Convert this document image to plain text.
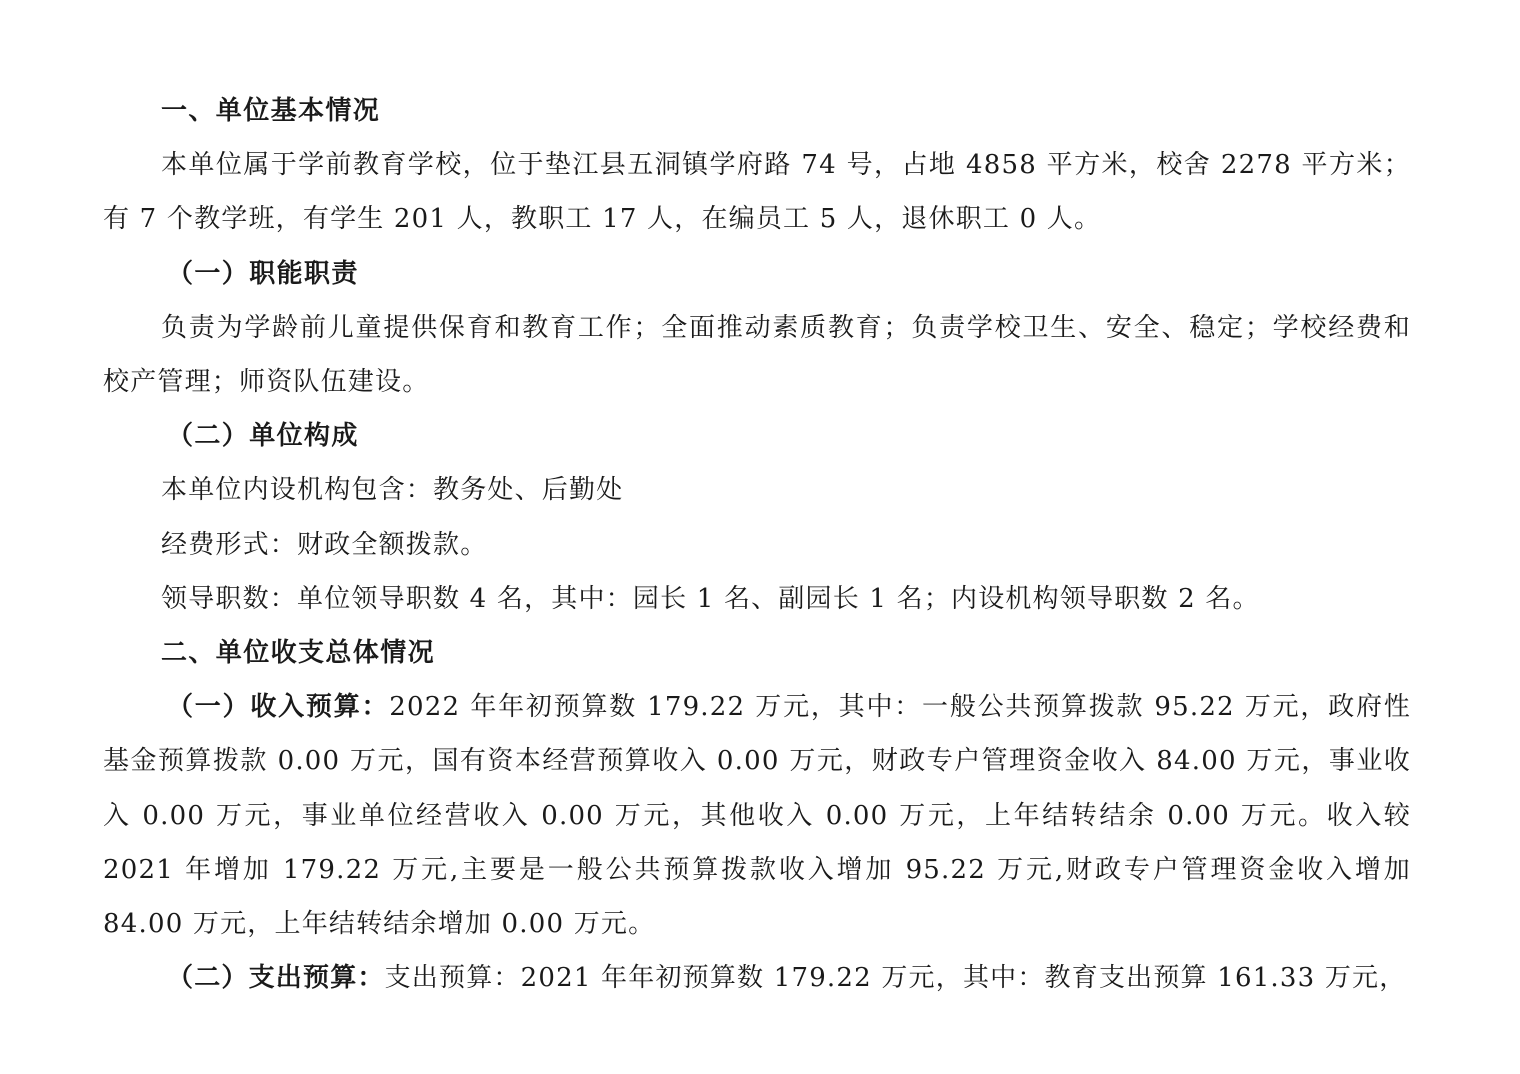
一、单位基本情况

本单位属于学前教育学校，位于垫江县五洞镇学府路 74 号，占地 4858 平方米，校舍 2278 平方米；有 7 个教学班，有学生 201 人，教职工 17 人，在编员工 5 人，退休职工 0 人。

（一）职能职责

负责为学龄前儿童提供保育和教育工作；全面推动素质教育；负责学校卫生、安全、稳定；学校经费和校产管理；师资队伍建设。

（二）单位构成

本单位内设机构包含：教务处、后勤处

经费形式：财政全额拨款。

领导职数：单位领导职数 4 名，其中：园长 1 名、副园长 1 名；内设机构领导职数 2 名。

二、单位收支总体情况

（一）收入预算：2022 年年初预算数 179.22 万元，其中：一般公共预算拨款 95.22 万元，政府性基金预算拨款 0.00 万元，国有资本经营预算收入 0.00 万元，财政专户管理资金收入 84.00 万元，事业收入 0.00 万元，事业单位经营收入 0.00 万元，其他收入 0.00 万元，上年结转结余 0.00 万元。收入较 2021 年增加 179.22 万元,主要是一般公共预算拨款收入增加 95.22 万元,财政专户管理资金收入增加 84.00 万元，上年结转结余增加 0.00 万元。

（二）支出预算：支出预算：2021 年年初预算数 179.22 万元，其中：教育支出预算 161.33 万元，
